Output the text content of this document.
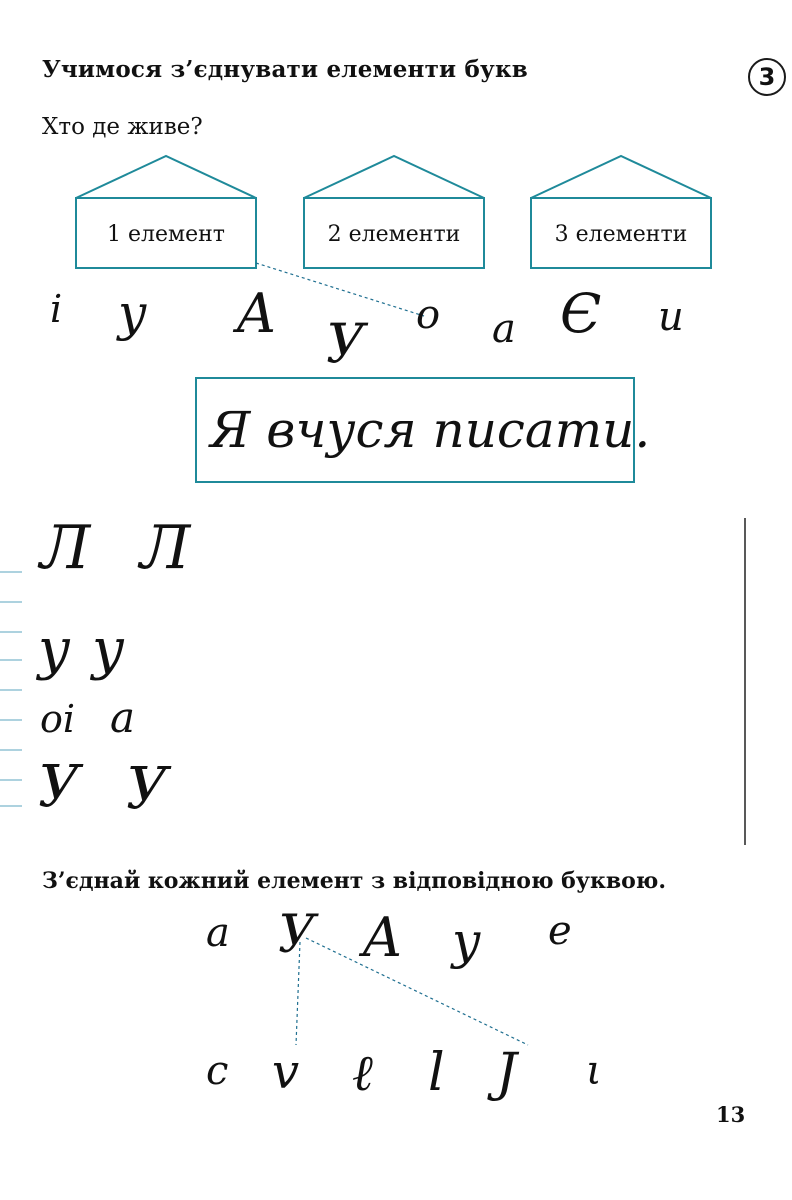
Учимося з’єднувати елементи букв	3
Хто де живе?
і у А У о а Є и
Я вчуся писати.
Л Л
у у
оі а
У У
а У А у е
с v ℓ l J ι
1 елемент	2 елементи	3 елементи
З’єднай кожний елемент з відповідною буквою.
13
